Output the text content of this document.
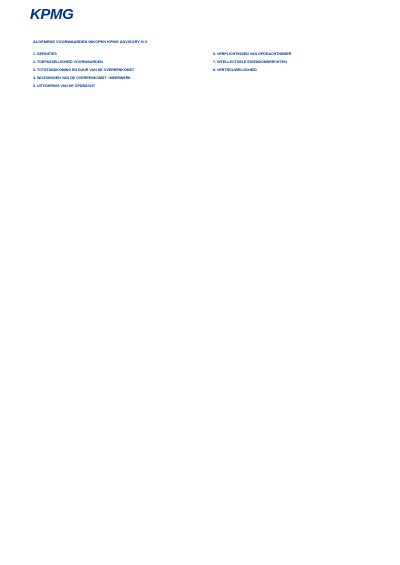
KPMG
ALGEMENE VOORWAARDEN INKOPEN KPMG ADVISORY N.V.
1. DEFINITIES
2. TOEPASSELIJKHEID VOORWAARDEN
3. TOTSTANDKOMING EN DUUR VAN DE OVEREENKOMST
4. WIJZIGINGEN VAN DE OVEREENKOMST / MEERWERK
5. UITVOERING VAN DE OPDRACHT
6. VERPLICHTINGEN VAN OPDRACHTNEMER
7. INTELLECTUELE EIGENDOMSRECHTEN
8. VERTROUWELIJKHEID
